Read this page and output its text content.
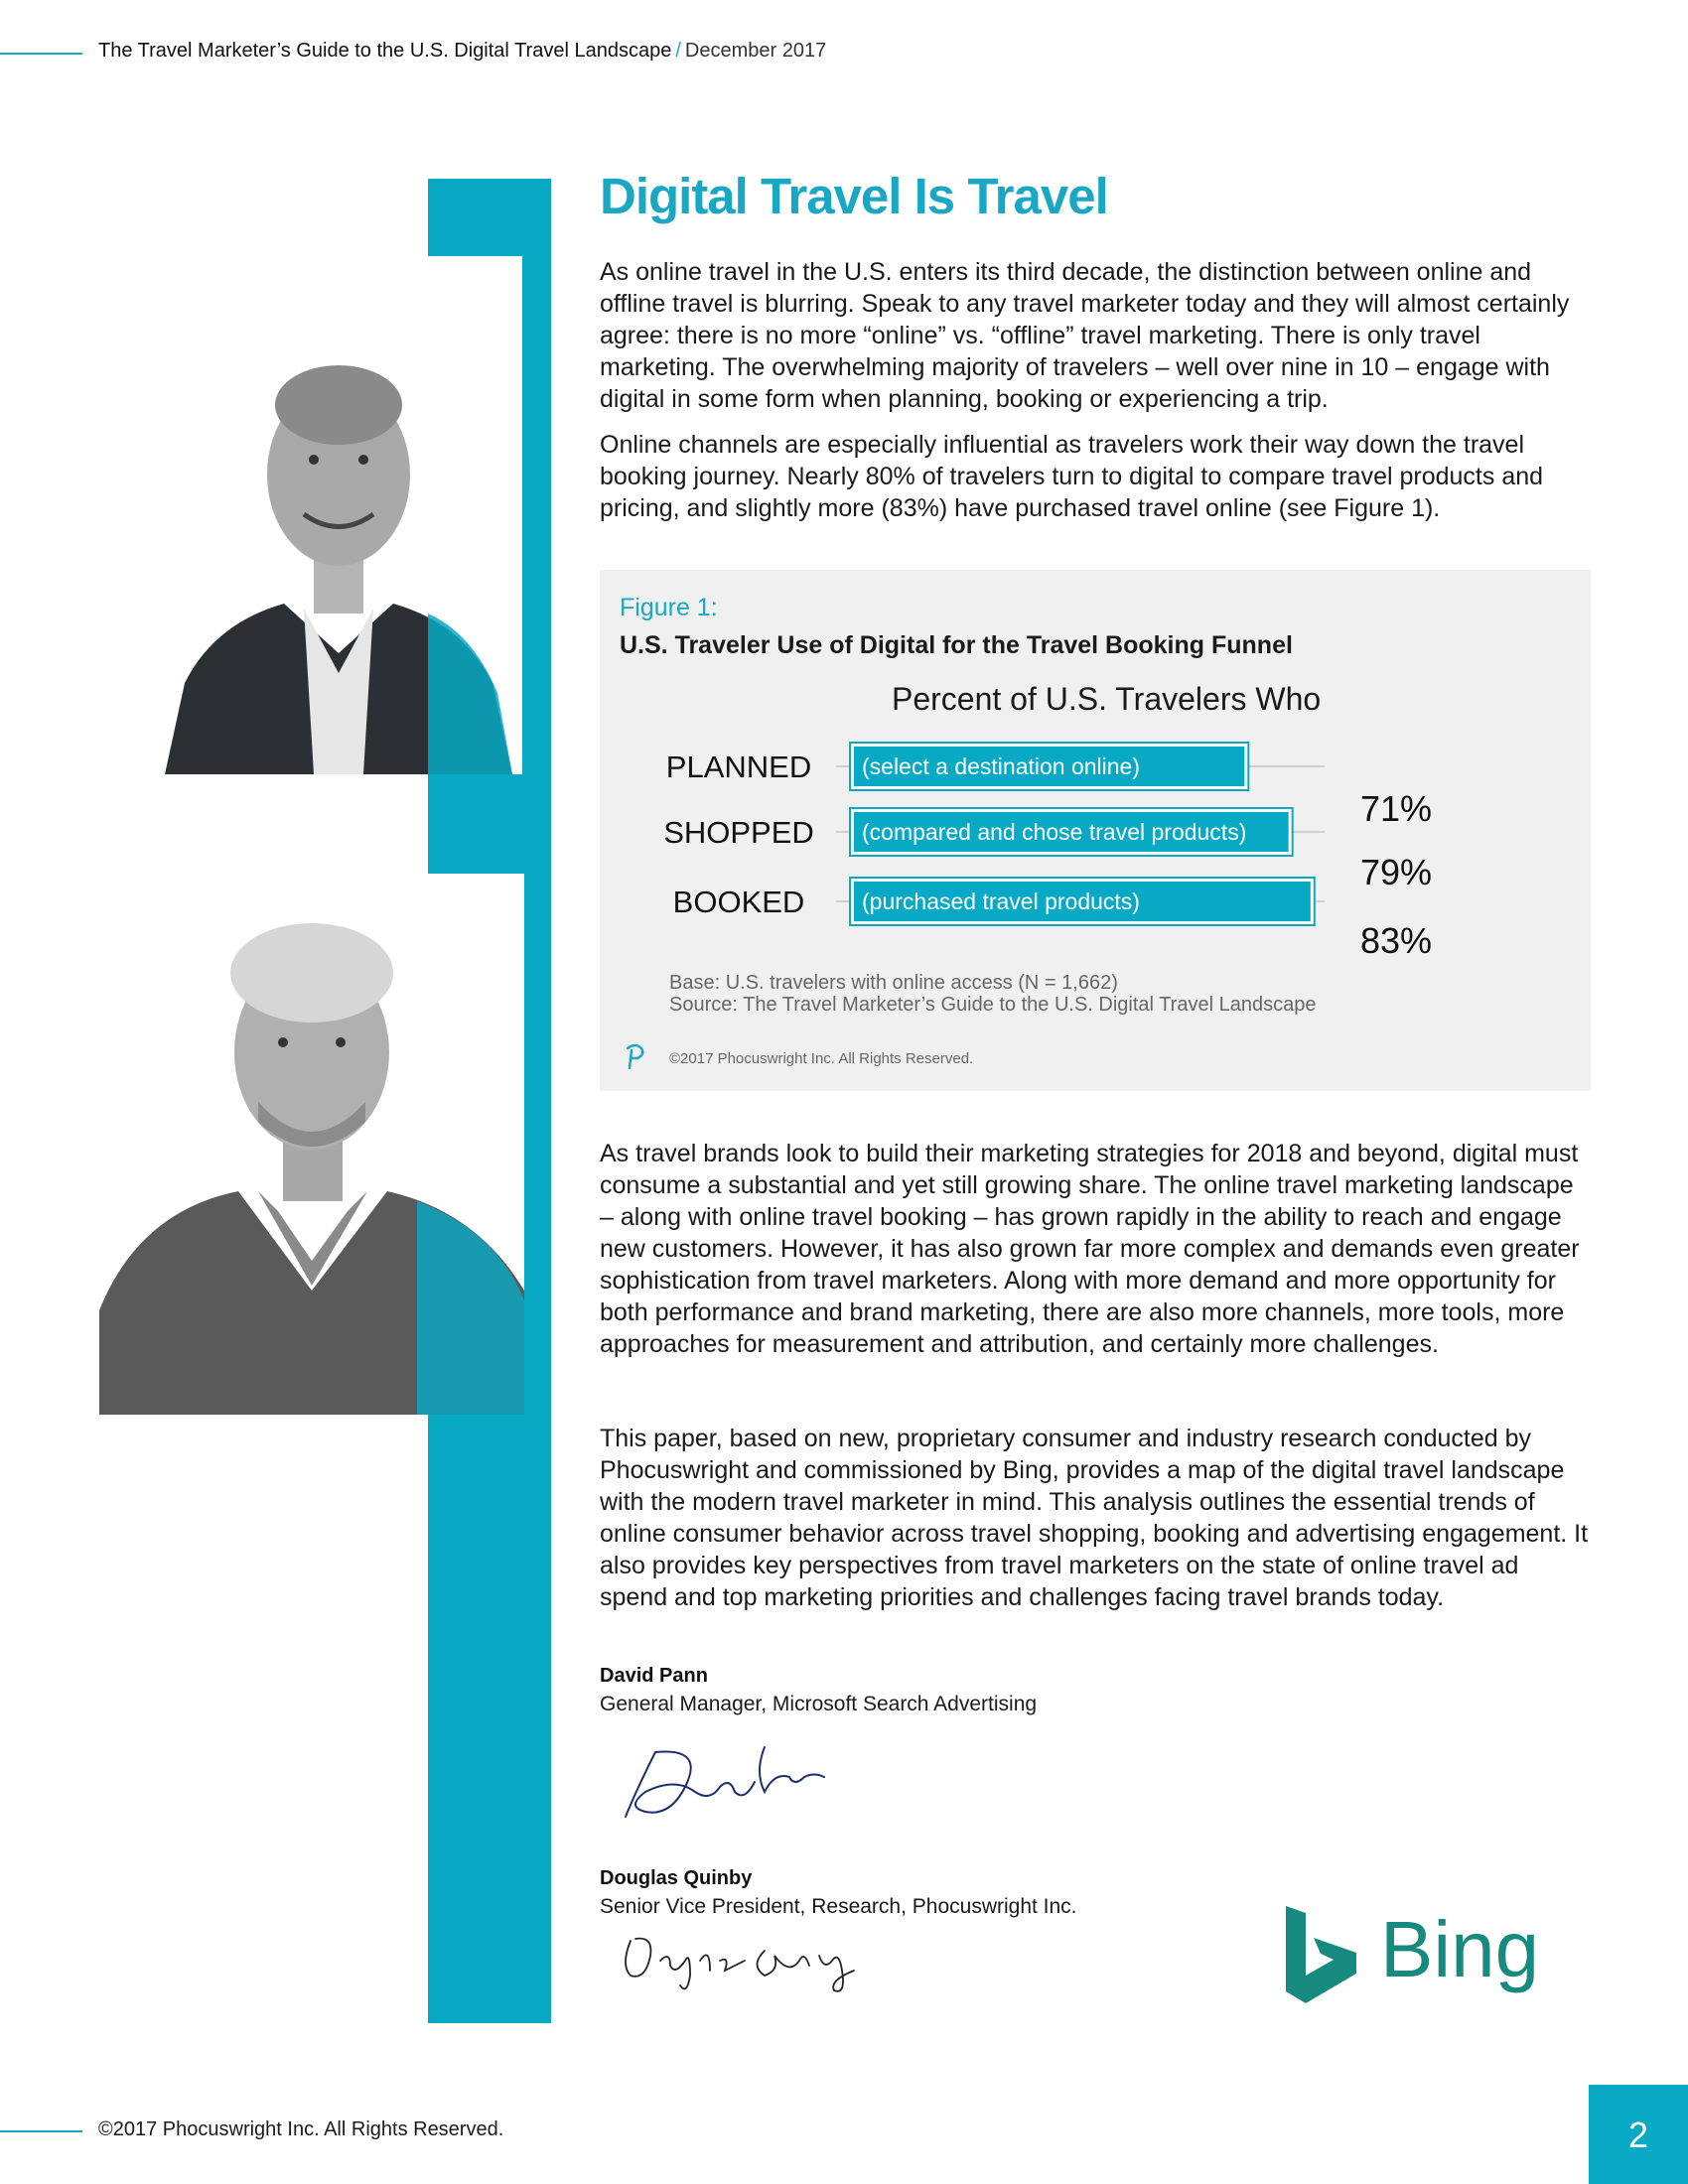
The Travel Marketer’s Guide to the U.S. Digital Travel Landscape / December 2017
Digital Travel Is Travel

As online travel in the U.S. enters its third decade, the distinction between online and offline travel is blurring. Speak to any travel marketer today and they will almost certainly agree: there is no more “online” vs. “offline” travel marketing. There is only travel marketing. The overwhelming majority of travelers – well over nine in 10 – engage with digital in some form when planning, booking or experiencing a trip.

Online channels are especially influential as travelers work their way down the travel booking journey. Nearly 80% of travelers turn to digital to compare travel products and pricing, and slightly more (83%) have purchased travel online (see Figure 1).

Figure 1:
U.S. Traveler Use of Digital for the Travel Booking Funnel
Percent of U.S. Travelers Who
PLANNED (select a destination online)
71%
SHOPPED (compared and chose travel products)
79%
BOOKED	(purchased travel products)
83%
Base: U.S. travelers with online access (N = 1,662)
Source: The Travel Marketer’s Guide to the U.S. Digital Travel Landscape
©2017 Phocuswright Inc. All Rights Reserved.

As travel brands look to build their marketing strategies for 2018 and beyond, digital must consume a substantial and yet still growing share. The online travel marketing landscape – along with online travel booking – has grown rapidly in the ability to reach and engage new customers. However, it has also grown far more complex and demands even greater sophistication from travel marketers. Along with more demand and more opportunity for both performance and brand marketing, there are also more channels, more tools, more approaches for measurement and attribution, and certainly more challenges.

This paper, based on new, proprietary consumer and industry research conducted by Phocuswright and commissioned by Bing, provides a map of the digital travel landscape with the modern travel marketer in mind. This analysis outlines the essential trends of online consumer behavior across travel shopping, booking and advertising engagement. It also provides key perspectives from travel marketers on the state of online travel ad spend and top marketing priorities and challenges facing travel brands today.

David Pann
General Manager, Microsoft Search Advertising
Douglas Quinby
Senior Vice President, Research, Phocuswright Inc.	Bing
©2017 Phocuswright Inc. All Rights Reserved.	2
